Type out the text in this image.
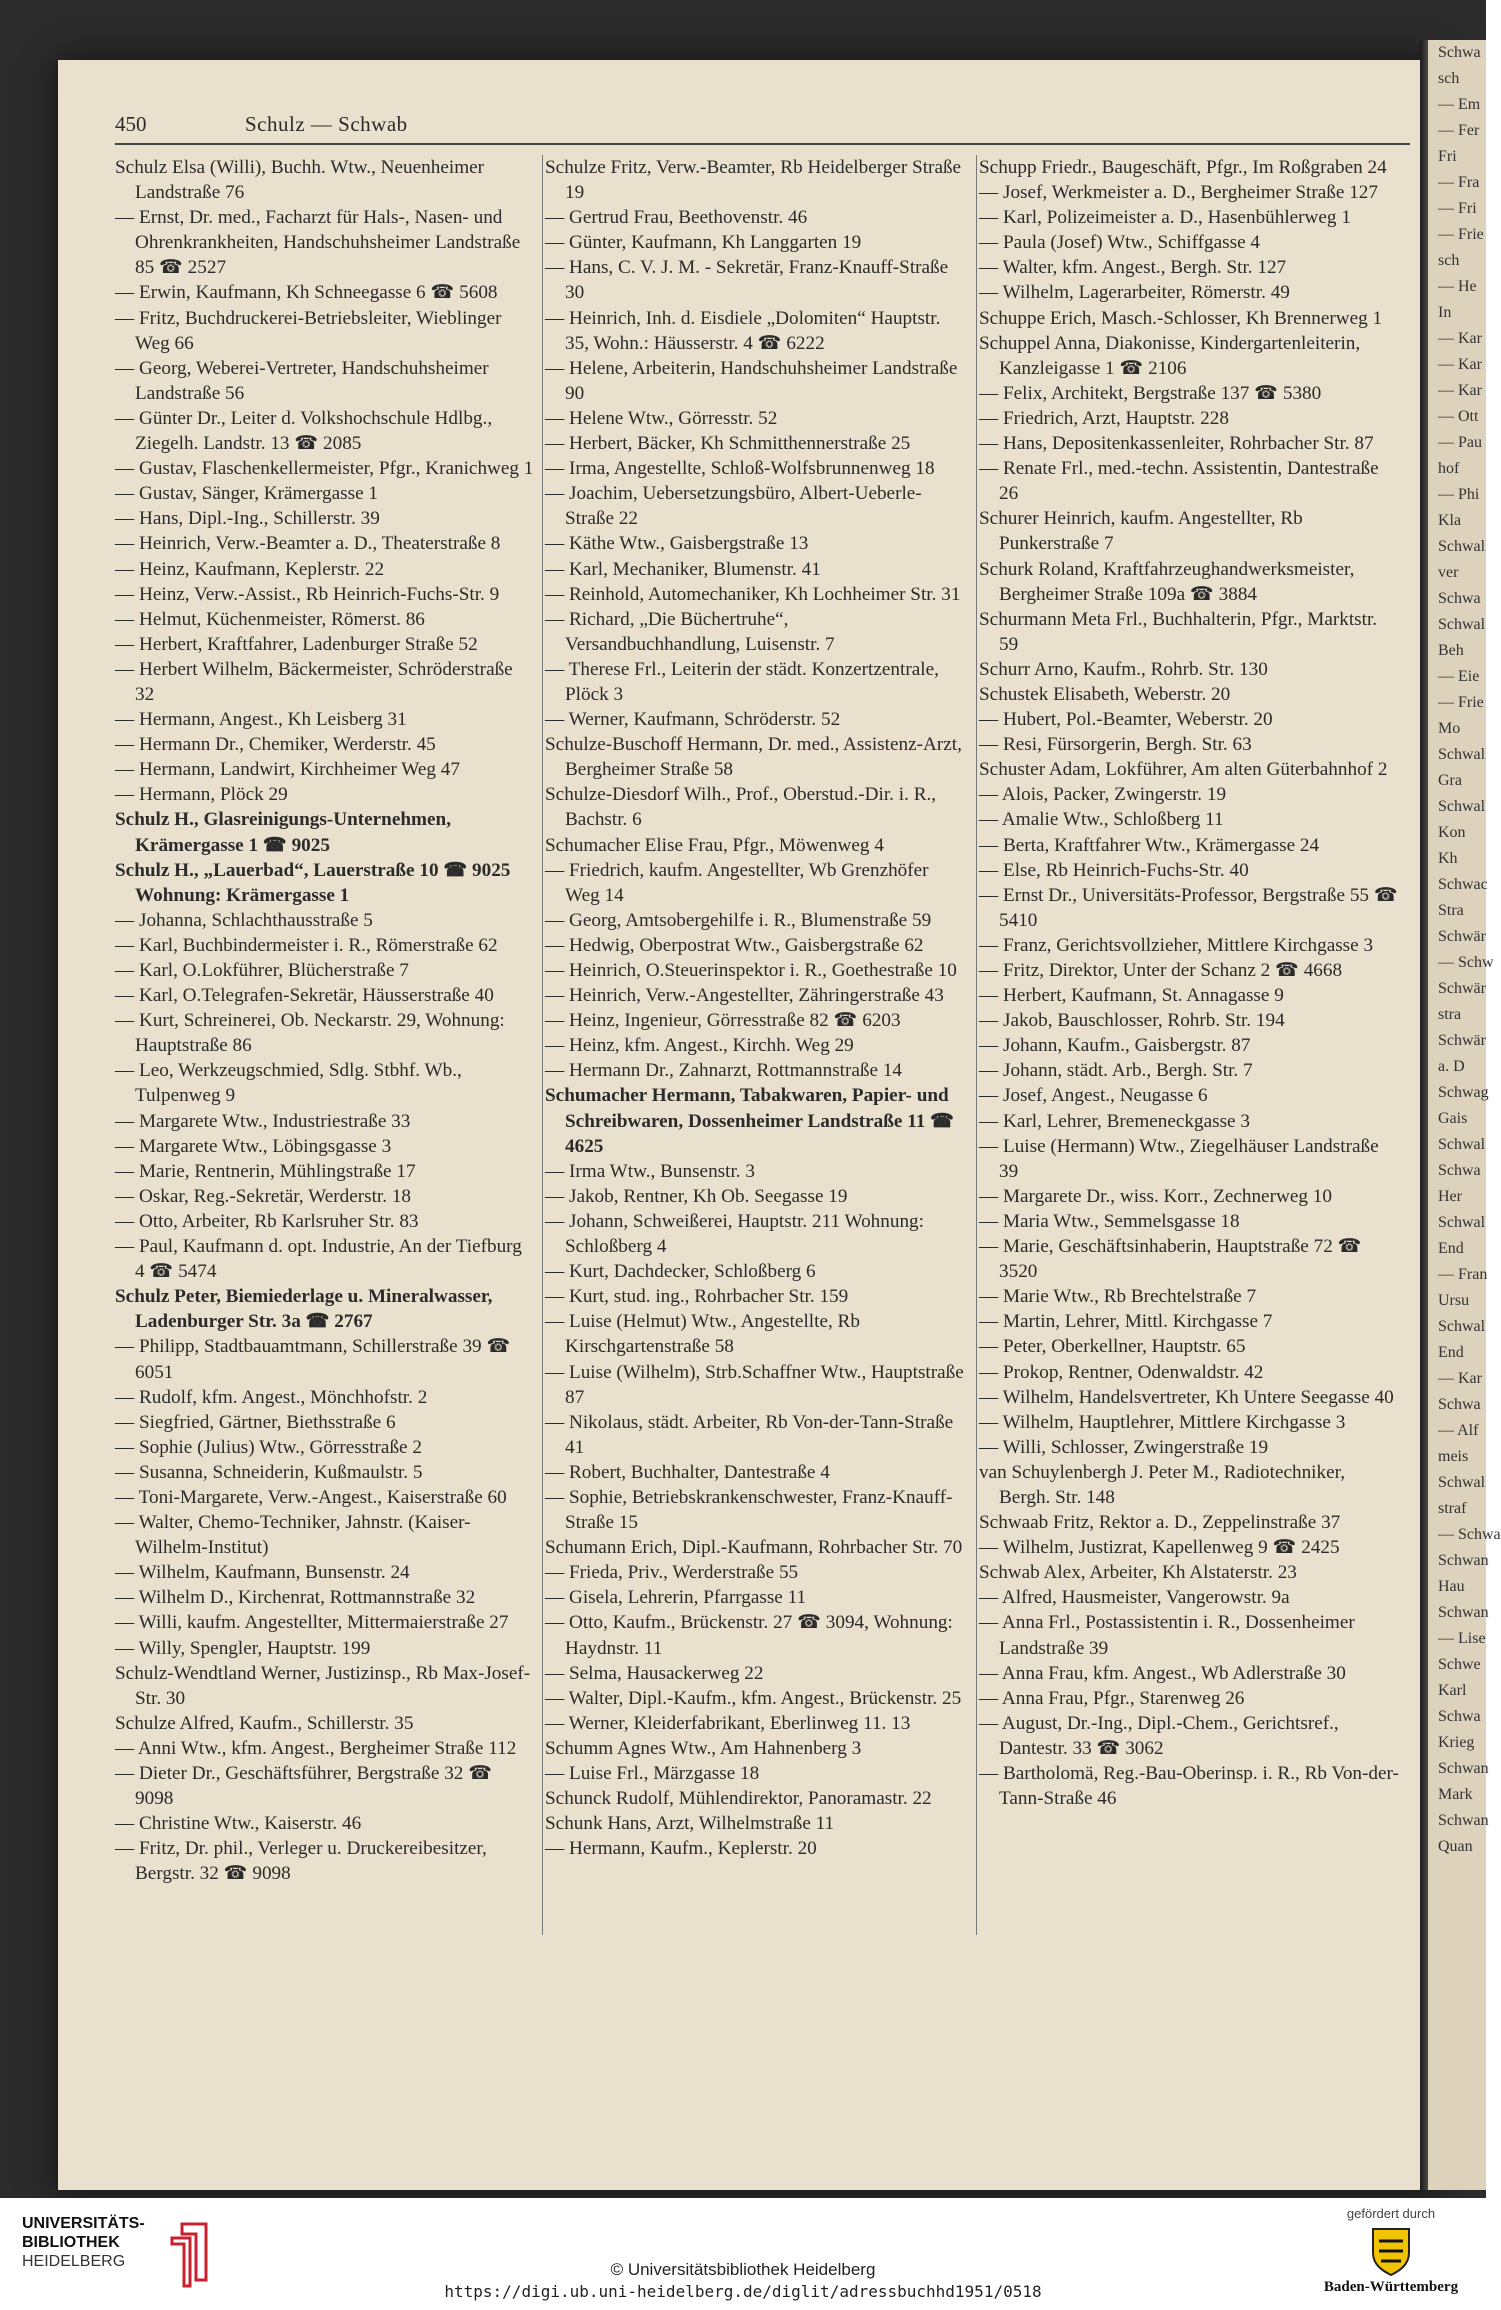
Schwa
sch
— Em
— Fer
Fri
— Fra
— Fri
— Frie
sch
— He
In
— Kar
— Kar
— Kar
— Ott
— Pau
hof
— Phi
Kla
Schwal
ver
Schwa
Schwal
Beh
— Eie
— Frie
Mo
Schwal
Gra
Schwal
Kon
Kh
Schwac
Stra
Schwär
— Schw
Schwär
stra
Schwär
a. D
Schwag
Gais
Schwal
Schwa
Her
Schwal
End
— Fran
Ursu
Schwal
End
— Kar
Schwa
— Alf
meis
Schwal
straf
— Schwa
Schwan
Hau
Schwan
— Lise
Schwe
Karl
Schwa
Krieg
Schwan
Mark
Schwan
Quan
450	Schulz — Schwab

Schulz Elsa (Willi), Buchh. Wtw., Neuenheimer Landstraße 76

— Ernst, Dr. med., Facharzt für Hals-, Nasen- und Ohrenkrankheiten, Handschuhsheimer Landstraße 85 ☎ 2527

— Erwin, Kaufmann, Kh Schneegasse 6 ☎ 5608

— Fritz, Buchdruckerei-Betriebsleiter, Wieblinger Weg 66

— Georg, Weberei-Vertreter, Handschuhsheimer Landstraße 56

— Günter Dr., Leiter d. Volkshochschule Hdlbg., Ziegelh. Landstr. 13 ☎ 2085

— Gustav, Flaschenkellermeister, Pfgr., Kranichweg 1

— Gustav, Sänger, Krämergasse 1

— Hans, Dipl.-Ing., Schillerstr. 39

— Heinrich, Verw.-Beamter a. D., Theaterstraße 8

— Heinz, Kaufmann, Keplerstr. 22

— Heinz, Verw.-Assist., Rb Heinrich-Fuchs-Str. 9

— Helmut, Küchenmeister, Römerst. 86

— Herbert, Kraftfahrer, Ladenburger Straße 52

— Herbert Wilhelm, Bäckermeister, Schröderstraße 32

— Hermann, Angest., Kh Leisberg 31

— Hermann Dr., Chemiker, Werderstr. 45

— Hermann, Landwirt, Kirchheimer Weg 47

— Hermann, Plöck 29

Schulz H., Glasreinigungs-Unternehmen, Krämergasse 1 ☎ 9025

Schulz H., „Lauerbad“, Lauerstraße 10 ☎ 9025 Wohnung: Krämergasse 1

— Johanna, Schlachthausstraße 5

— Karl, Buchbindermeister i. R., Römerstraße 62

— Karl, O.Lokführer, Blücherstraße 7

— Karl, O.Telegrafen-Sekretär, Häusserstraße 40

— Kurt, Schreinerei, Ob. Neckarstr. 29, Wohnung: Hauptstraße 86

— Leo, Werkzeugschmied, Sdlg. Stbhf. Wb., Tulpenweg 9

— Margarete Wtw., Industriestraße 33

— Margarete Wtw., Löbingsgasse 3

— Marie, Rentnerin, Mühlingstraße 17

— Oskar, Reg.-Sekretär, Werderstr. 18

— Otto, Arbeiter, Rb Karlsruher Str. 83

— Paul, Kaufmann d. opt. Industrie, An der Tiefburg 4 ☎ 5474

Schulz Peter, Biemiederlage u. Mineralwasser, Ladenburger Str. 3a ☎ 2767

— Philipp, Stadtbauamtmann, Schillerstraße 39 ☎ 6051

— Rudolf, kfm. Angest., Mönchhofstr. 2

— Siegfried, Gärtner, Biethsstraße 6

— Sophie (Julius) Wtw., Görresstraße 2

— Susanna, Schneiderin, Kußmaulstr. 5

— Toni-Margarete, Verw.-Angest., Kaiserstraße 60

— Walter, Chemo-Techniker, Jahnstr. (Kaiser-Wilhelm-Institut)

— Wilhelm, Kaufmann, Bunsenstr. 24

— Wilhelm D., Kirchenrat, Rottmannstraße 32

— Willi, kaufm. Angestellter, Mittermaierstraße 27

— Willy, Spengler, Hauptstr. 199

Schulz-Wendtland Werner, Justizinsp., Rb Max-Josef-Str. 30

Schulze Alfred, Kaufm., Schillerstr. 35

— Anni Wtw., kfm. Angest., Bergheimer Straße 112

— Dieter Dr., Geschäftsführer, Bergstraße 32 ☎ 9098

— Christine Wtw., Kaiserstr. 46

— Fritz, Dr. phil., Verleger u. Druckereibesitzer, Bergstr. 32 ☎ 9098

Schulze Fritz, Verw.-Beamter, Rb Heidelberger Straße 19

— Gertrud Frau, Beethovenstr. 46

— Günter, Kaufmann, Kh Langgarten 19

— Hans, C. V. J. M. - Sekretär, Franz-Knauff-Straße 30

— Heinrich, Inh. d. Eisdiele „Dolomiten“ Hauptstr. 35, Wohn.: Häusserstr. 4 ☎ 6222

— Helene, Arbeiterin, Handschuhsheimer Landstraße 90

— Helene Wtw., Görresstr. 52

— Herbert, Bäcker, Kh Schmitthennerstraße 25

— Irma, Angestellte, Schloß-Wolfsbrunnenweg 18

— Joachim, Uebersetzungsbüro, Albert-Ueberle-Straße 22

— Käthe Wtw., Gaisbergstraße 13

— Karl, Mechaniker, Blumenstr. 41

— Reinhold, Automechaniker, Kh Lochheimer Str. 31

— Richard, „Die Büchertruhe“, Versandbuchhandlung, Luisenstr. 7

— Therese Frl., Leiterin der städt. Konzertzentrale, Plöck 3

— Werner, Kaufmann, Schröderstr. 52

Schulze-Buschoff Hermann, Dr. med., Assistenz-Arzt, Bergheimer Straße 58

Schulze-Diesdorf Wilh., Prof., Oberstud.-Dir. i. R., Bachstr. 6

Schumacher Elise Frau, Pfgr., Möwenweg 4

— Friedrich, kaufm. Angestellter, Wb Grenzhöfer Weg 14

— Georg, Amtsobergehilfe i. R., Blumenstraße 59

— Hedwig, Oberpostrat Wtw., Gaisbergstraße 62

— Heinrich, O.Steuerinspektor i. R., Goethestraße 10

— Heinrich, Verw.-Angestellter, Zähringerstraße 43

— Heinz, Ingenieur, Görresstraße 82 ☎ 6203

— Heinz, kfm. Angest., Kirchh. Weg 29

— Hermann Dr., Zahnarzt, Rottmannstraße 14

Schumacher Hermann, Tabakwaren, Papier- und Schreibwaren, Dossenheimer Landstraße 11 ☎ 4625

— Irma Wtw., Bunsenstr. 3

— Jakob, Rentner, Kh Ob. Seegasse 19

— Johann, Schweißerei, Hauptstr. 211 Wohnung: Schloßberg 4

— Kurt, Dachdecker, Schloßberg 6

— Kurt, stud. ing., Rohrbacher Str. 159

— Luise (Helmut) Wtw., Angestellte, Rb Kirschgartenstraße 58

— Luise (Wilhelm), Strb.Schaffner Wtw., Hauptstraße 87

— Nikolaus, städt. Arbeiter, Rb Von-der-Tann-Straße 41

— Robert, Buchhalter, Dantestraße 4

— Sophie, Betriebskrankenschwester, Franz-Knauff-Straße 15

Schumann Erich, Dipl.-Kaufmann, Rohrbacher Str. 70

— Frieda, Priv., Werderstraße 55

— Gisela, Lehrerin, Pfarrgasse 11

— Otto, Kaufm., Brückenstr. 27 ☎ 3094, Wohnung: Haydnstr. 11

— Selma, Hausackerweg 22

— Walter, Dipl.-Kaufm., kfm. Angest., Brückenstr. 25

— Werner, Kleiderfabrikant, Eberlinweg 11. 13

Schumm Agnes Wtw., Am Hahnenberg 3

— Luise Frl., Märzgasse 18

Schunck Rudolf, Mühlendirektor, Panoramastr. 22

Schunk Hans, Arzt, Wilhelmstraße 11

— Hermann, Kaufm., Keplerstr. 20

Schupp Friedr., Baugeschäft, Pfgr., Im Roßgraben 24

— Josef, Werkmeister a. D., Bergheimer Straße 127

— Karl, Polizeimeister a. D., Hasenbühlerweg 1

— Paula (Josef) Wtw., Schiffgasse 4

— Walter, kfm. Angest., Bergh. Str. 127

— Wilhelm, Lagerarbeiter, Römerstr. 49

Schuppe Erich, Masch.-Schlosser, Kh Brennerweg 1

Schuppel Anna, Diakonisse, Kindergartenleiterin, Kanzleigasse 1 ☎ 2106

— Felix, Architekt, Bergstraße 137 ☎ 5380

— Friedrich, Arzt, Hauptstr. 228

— Hans, Depositenkassenleiter, Rohrbacher Str. 87

— Renate Frl., med.-techn. Assistentin, Dantestraße 26

Schurer Heinrich, kaufm. Angestellter, Rb Punkerstraße 7

Schurk Roland, Kraftfahrzeughandwerksmeister, Bergheimer Straße 109a ☎ 3884

Schurmann Meta Frl., Buchhalterin, Pfgr., Marktstr. 59

Schurr Arno, Kaufm., Rohrb. Str. 130

Schustek Elisabeth, Weberstr. 20

— Hubert, Pol.-Beamter, Weberstr. 20

— Resi, Fürsorgerin, Bergh. Str. 63

Schuster Adam, Lokführer, Am alten Güterbahnhof 2

— Alois, Packer, Zwingerstr. 19

— Amalie Wtw., Schloßberg 11

— Berta, Kraftfahrer Wtw., Krämergasse 24

— Else, Rb Heinrich-Fuchs-Str. 40

— Ernst Dr., Universitäts-Professor, Bergstraße 55 ☎ 5410

— Franz, Gerichtsvollzieher, Mittlere Kirchgasse 3

— Fritz, Direktor, Unter der Schanz 2 ☎ 4668

— Herbert, Kaufmann, St. Annagasse 9

— Jakob, Bauschlosser, Rohrb. Str. 194

— Johann, Kaufm., Gaisbergstr. 87

— Johann, städt. Arb., Bergh. Str. 7

— Josef, Angest., Neugasse 6

— Karl, Lehrer, Bremeneckgasse 3

— Luise (Hermann) Wtw., Ziegelhäuser Landstraße 39

— Margarete Dr., wiss. Korr., Zechnerweg 10

— Maria Wtw., Semmelsgasse 18

— Marie, Geschäftsinhaberin, Hauptstraße 72 ☎ 3520

— Marie Wtw., Rb Brechtelstraße 7

— Martin, Lehrer, Mittl. Kirchgasse 7

— Peter, Oberkellner, Hauptstr. 65

— Prokop, Rentner, Odenwaldstr. 42

— Wilhelm, Handelsvertreter, Kh Untere Seegasse 40

— Wilhelm, Hauptlehrer, Mittlere Kirchgasse 3

— Willi, Schlosser, Zwingerstraße 19

van Schuylenbergh J. Peter M., Radiotechniker, Bergh. Str. 148

Schwaab Fritz, Rektor a. D., Zeppelinstraße 37

— Wilhelm, Justizrat, Kapellenweg 9 ☎ 2425

Schwab Alex, Arbeiter, Kh Alstaterstr. 23

— Alfred, Hausmeister, Vangerowstr. 9a

— Anna Frl., Postassistentin i. R., Dossenheimer Landstraße 39

— Anna Frau, kfm. Angest., Wb Adlerstraße 30

— Anna Frau, Pfgr., Starenweg 26

— August, Dr.-Ing., Dipl.-Chem., Gerichtsref., Dantestr. 33 ☎ 3062

— Bartholomä, Reg.-Bau-Oberinsp. i. R., Rb Von-der-Tann-Straße 46

UNIVERSITÄTS-
BIBLIOTHEK
HEIDELBERG	© Universitätsbibliothek Heidelberg
https://digi.ub.uni-heidelberg.de/diglit/adressbuchhd1951/0518
gefördert durch
Baden-Württemberg
